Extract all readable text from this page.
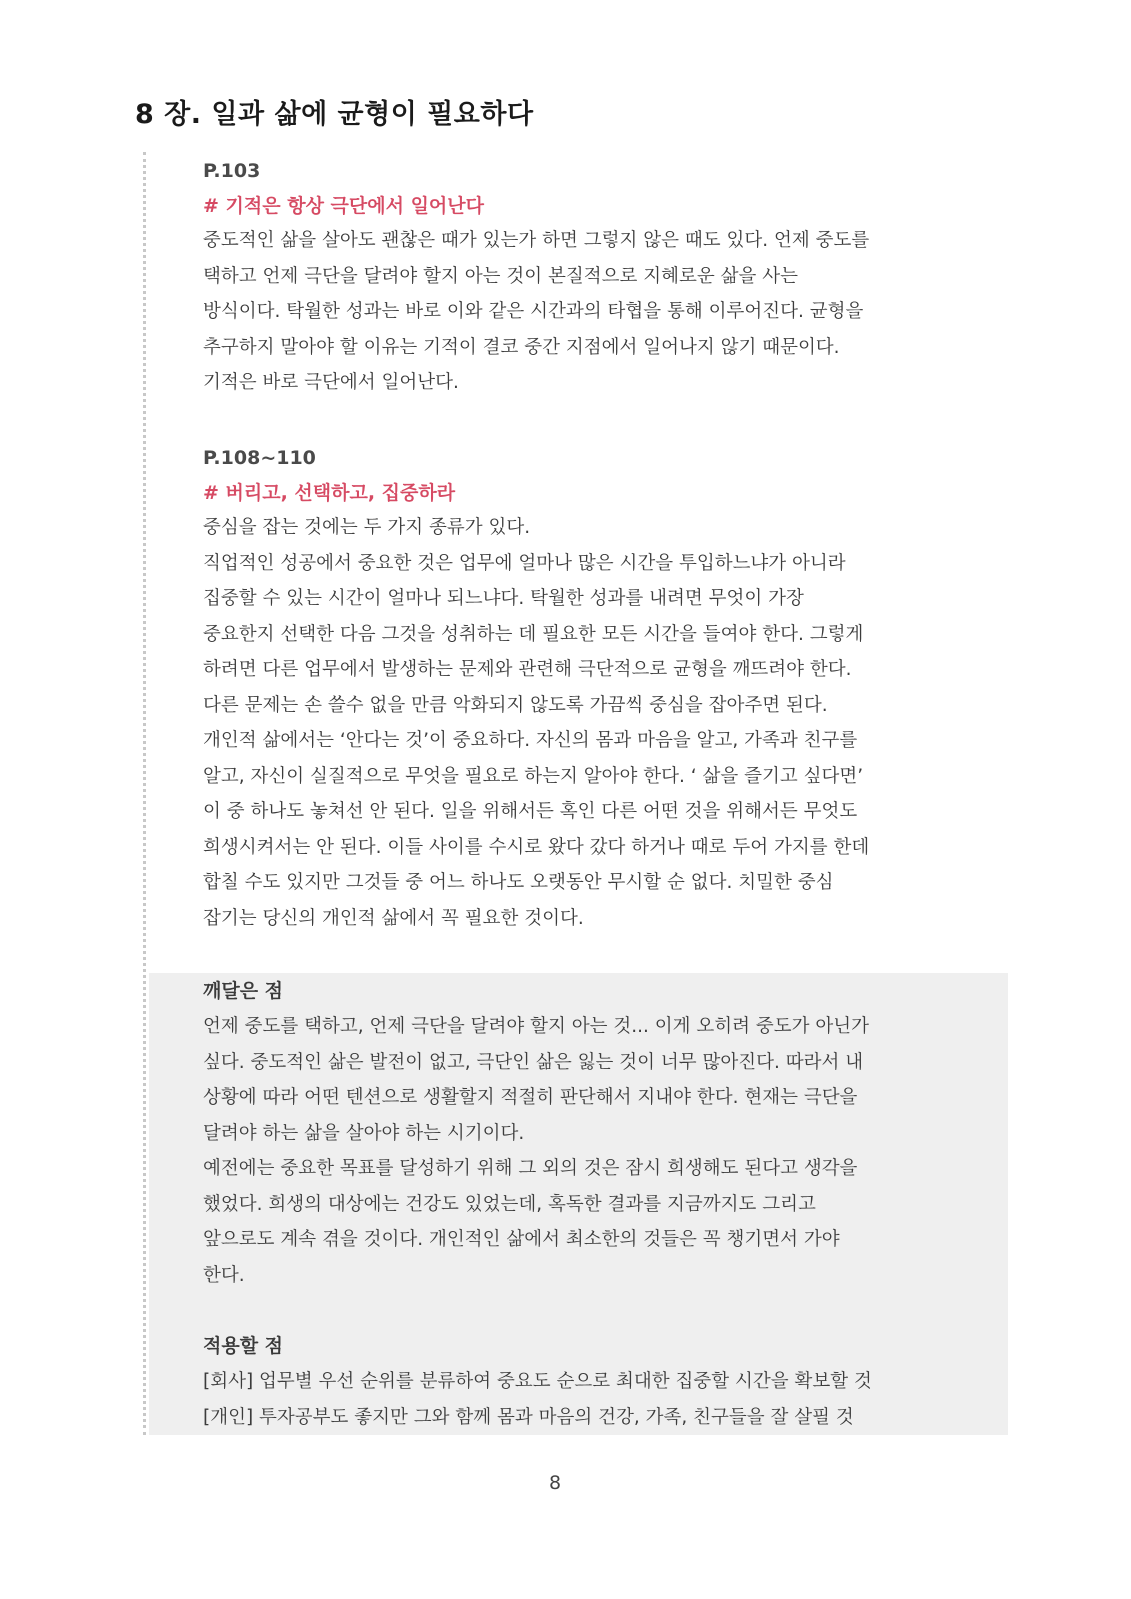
8 장. 일과 삶에 균형이 필요하다
P.103
# 기적은 항상 극단에서 일어난다
중도적인 삶을 살아도 괜찮은 때가 있는가 하면 그렇지 않은 때도 있다. 언제 중도를
택하고 언제 극단을 달려야 할지 아는 것이 본질적으로 지혜로운 삶을 사는
방식이다. 탁월한 성과는 바로 이와 같은 시간과의 타협을 통해 이루어진다. 균형을
추구하지 말아야 할 이유는 기적이 결코 중간 지점에서 일어나지 않기 때문이다.
기적은 바로 극단에서 일어난다.
P.108~110
# 버리고, 선택하고, 집중하라
중심을 잡는 것에는 두 가지 종류가 있다.
직업적인 성공에서 중요한 것은 업무에 얼마나 많은 시간을 투입하느냐가 아니라
집중할 수 있는 시간이 얼마나 되느냐다. 탁월한 성과를 내려면 무엇이 가장
중요한지 선택한 다음 그것을 성취하는 데 필요한 모든 시간을 들여야 한다. 그렇게
하려면 다른 업무에서 발생하는 문제와 관련해 극단적으로 균형을 깨뜨려야 한다.
다른 문제는 손 쓸수 없을 만큼 악화되지 않도록 가끔씩 중심을 잡아주면 된다.
개인적 삶에서는 ‘안다는 것’이 중요하다. 자신의 몸과 마음을 알고, 가족과 친구를
알고, 자신이 실질적으로 무엇을 필요로 하는지 알아야 한다. ‘ 삶을 즐기고 싶다면’
이 중 하나도 놓쳐선 안 된다. 일을 위해서든 혹인 다른 어떤 것을 위해서든 무엇도
희생시켜서는 안 된다. 이들 사이를 수시로 왔다 갔다 하거나 때로 두어 가지를 한데
합칠 수도 있지만 그것들 중 어느 하나도 오랫동안 무시할 순 없다. 치밀한 중심
잡기는 당신의 개인적 삶에서 꼭 필요한 것이다.
깨달은 점
언제 중도를 택하고, 언제 극단을 달려야 할지 아는 것... 이게 오히려 중도가 아닌가
싶다. 중도적인 삶은 발전이 없고, 극단인 삶은 잃는 것이 너무 많아진다. 따라서 내
상황에 따라 어떤 텐션으로 생활할지 적절히 판단해서 지내야 한다. 현재는 극단을
달려야 하는 삶을 살아야 하는 시기이다.
예전에는 중요한 목표를 달성하기 위해 그 외의 것은 잠시 희생해도 된다고 생각을
했었다. 희생의 대상에는 건강도 있었는데, 혹독한 결과를 지금까지도 그리고
앞으로도 계속 겪을 것이다. 개인적인 삶에서 최소한의 것들은 꼭 챙기면서 가야
한다.
적용할 점
[회사] 업무별 우선 순위를 분류하여 중요도 순으로 최대한 집중할 시간을 확보할 것
[개인] 투자공부도 좋지만 그와 함께 몸과 마음의 건강, 가족, 친구들을 잘 살필 것
8
